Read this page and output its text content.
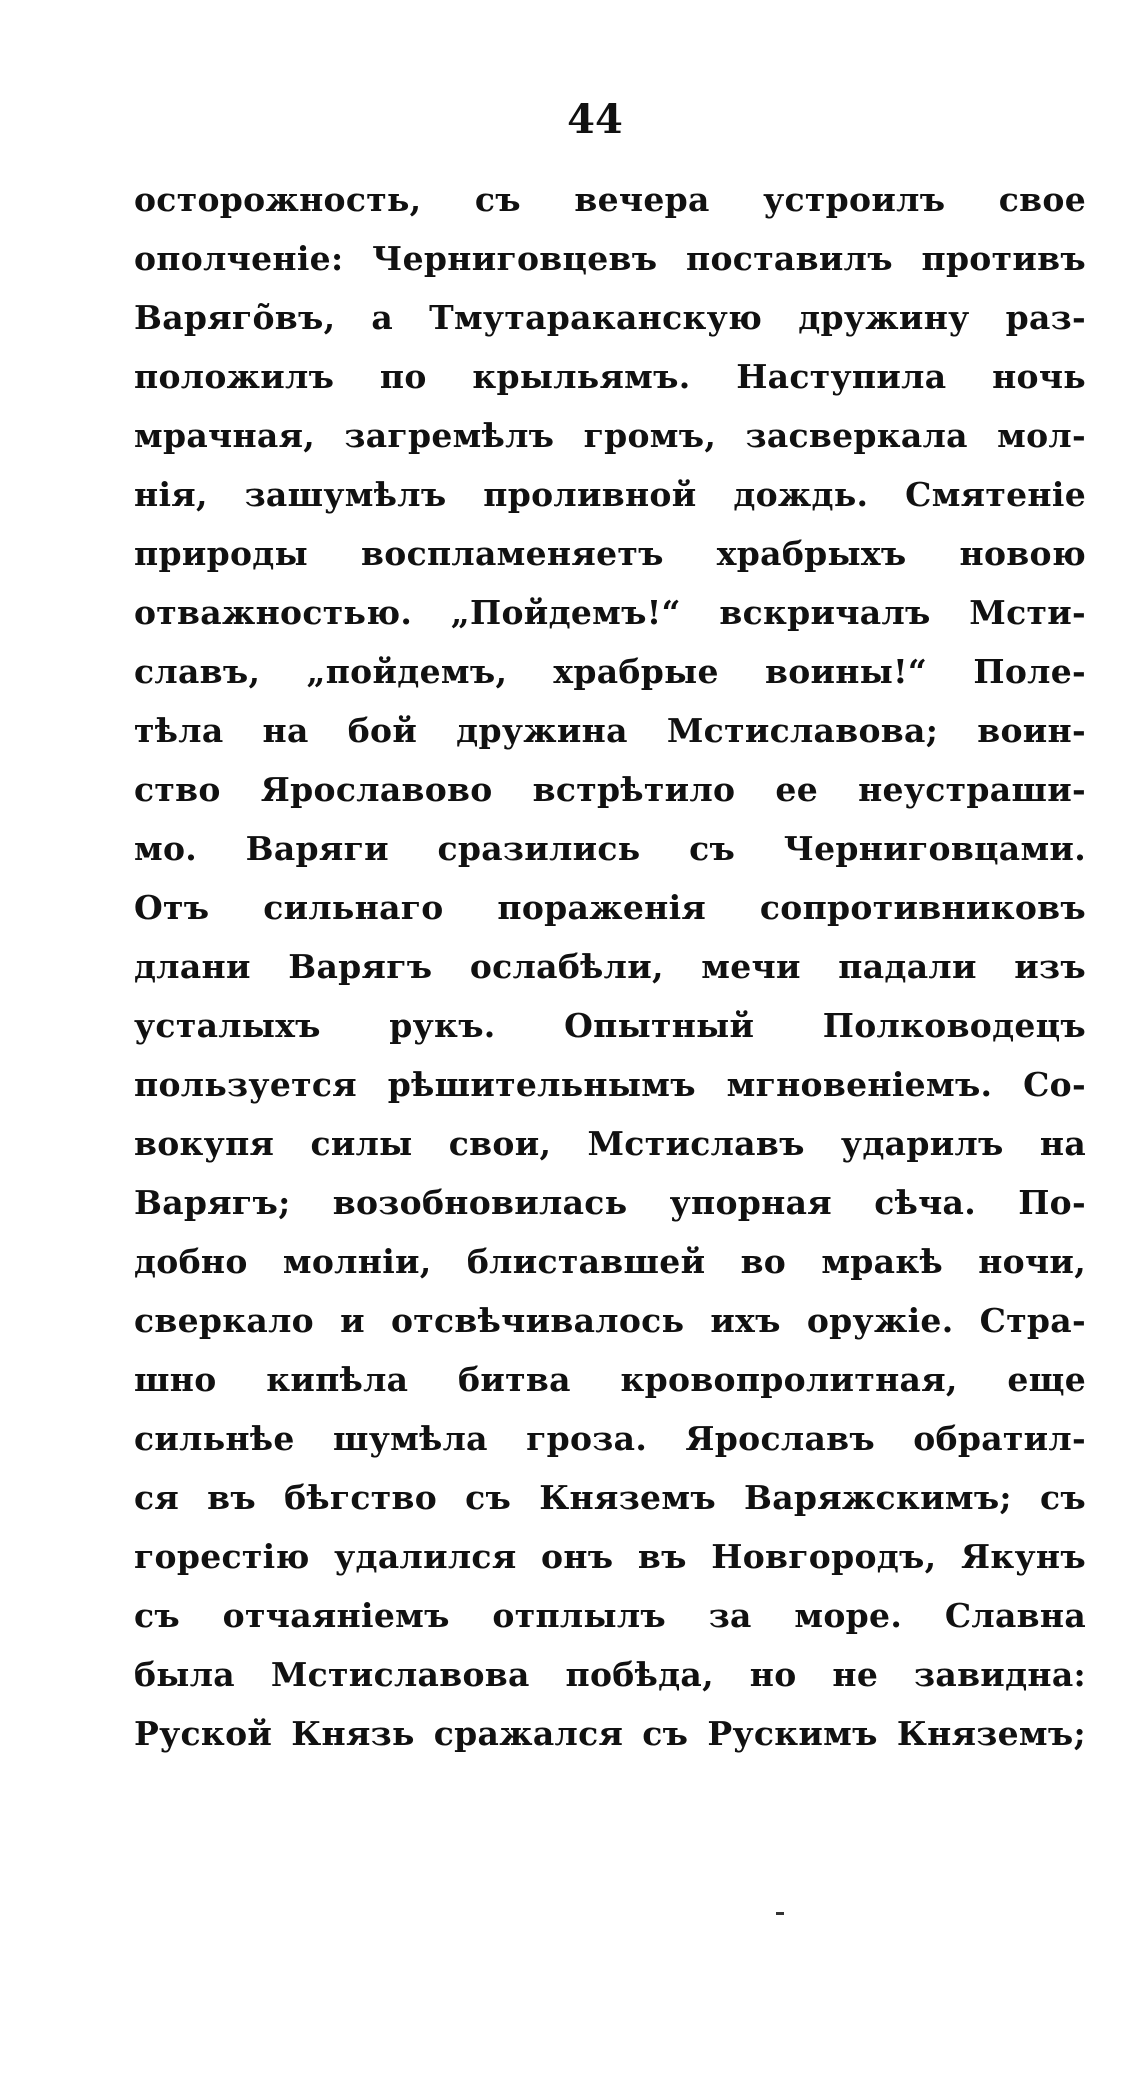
44
осторожность, съ вечера устроилъ свое
ополченіе: Черниговцевъ поставилъ противъ
Варяго̃въ, а Тмутараканскую дружину раз-
положилъ по крыльямъ. Наступила ночь
мрачная, загремѣлъ громъ, засверкала мол-
нія, зашумѣлъ проливной дождь. Смятеніе
природы воспламеняетъ храбрыхъ новою
отважностью. „Пойдемъ!“ вскричалъ Мсти-
славъ, „пойдемъ, храбрые воины!“ Поле-
тѣла на бой дружина Мстиславова; воин-
ство Ярославово встрѣтило ее неустраши-
мо. Варяги сразились съ Черниговцами.
Отъ сильнаго пораженія сопротивниковъ
длани Варягъ ослабѣли, мечи падали изъ
усталыхъ рукъ. Опытный Полководецъ
пользуется рѣшительнымъ мгновеніемъ. Со-
вокупя силы свои, Мстиславъ ударилъ на
Варягъ; возобновилась упорная сѣча. По-
добно молніи, блиставшей во мракѣ ночи,
сверкало и отсвѣчивалось ихъ оружіе. Стра-
шно кипѣла битва кровопролитная, еще
сильнѣе шумѣла гроза. Ярославъ обратил-
ся въ бѣгство съ Княземъ Варяжскимъ; съ
горестію удалился онъ въ Новгородъ, Якунъ
съ отчаяніемъ отплылъ за море. Славна
была Мстиславова побѣда, но не завидна:
Руской Князь сражался съ Рускимъ Княземъ;
